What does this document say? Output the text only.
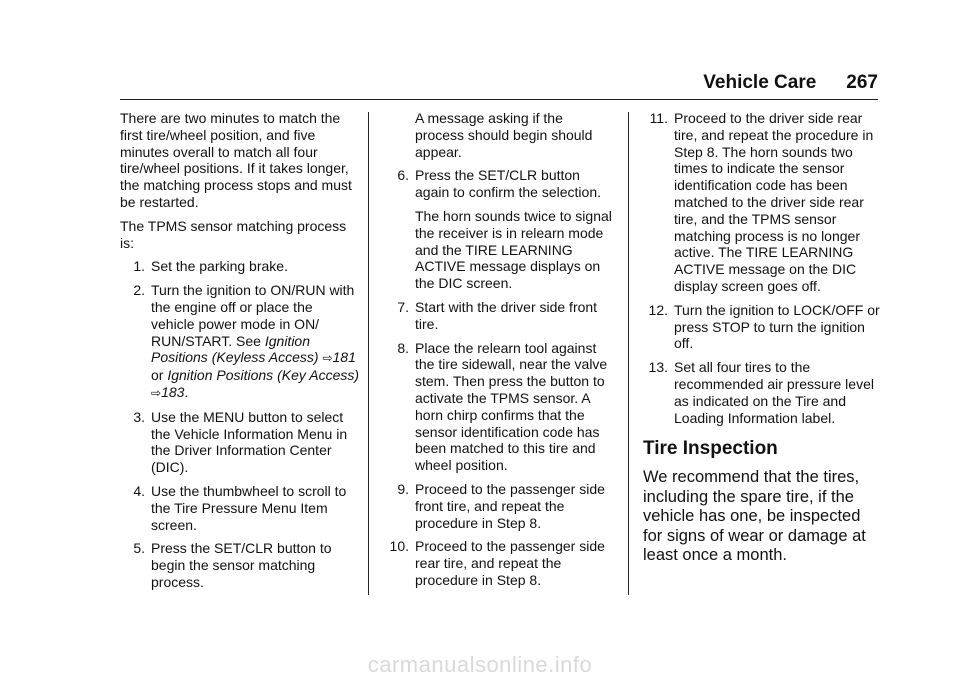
Vehicle Care 267

There are two minutes to match the first tire/wheel position, and five minutes overall to match all four tire/wheel positions. If it takes longer, the matching process stops and must be restarted.

The TPMS sensor matching process is:

1. Set the parking brake.
2. Turn the ignition to ON/RUN with the engine off or place the vehicle power mode in ON/ RUN/START. See Ignition Positions (Keyless Access) ⇨181 or Ignition Positions (Key Access) ⇨183.
3. Use the MENU button to select the Vehicle Information Menu in the Driver Information Center (DIC).
4. Use the thumbwheel to scroll to the Tire Pressure Menu Item screen.
5. Press the SET/CLR button to begin the sensor matching process.

A message asking if the process should begin should appear.

6. Press the SET/CLR button again to confirm the selection.

The horn sounds twice to signal the receiver is in relearn mode and the TIRE LEARNING ACTIVE message displays on the DIC screen.

7. Start with the driver side front tire.
8. Place the relearn tool against the tire sidewall, near the valve stem. Then press the button to activate the TPMS sensor. A horn chirp confirms that the sensor identification code has been matched to this tire and wheel position.
9. Proceed to the passenger side front tire, and repeat the procedure in Step 8.
10. Proceed to the passenger side rear tire, and repeat the procedure in Step 8.
11. Proceed to the driver side rear tire, and repeat the procedure in Step 8. The horn sounds two times to indicate the sensor identification code has been matched to the driver side rear tire, and the TPMS sensor matching process is no longer active. The TIRE LEARNING ACTIVE message on the DIC display screen goes off.
12. Turn the ignition to LOCK/OFF or press STOP to turn the ignition off.
13. Set all four tires to the recommended air pressure level as indicated on the Tire and Loading Information label.
Tire Inspection

We recommend that the tires, including the spare tire, if the vehicle has one, be inspected for signs of wear or damage at least once a month.

carmanualsonline.info
